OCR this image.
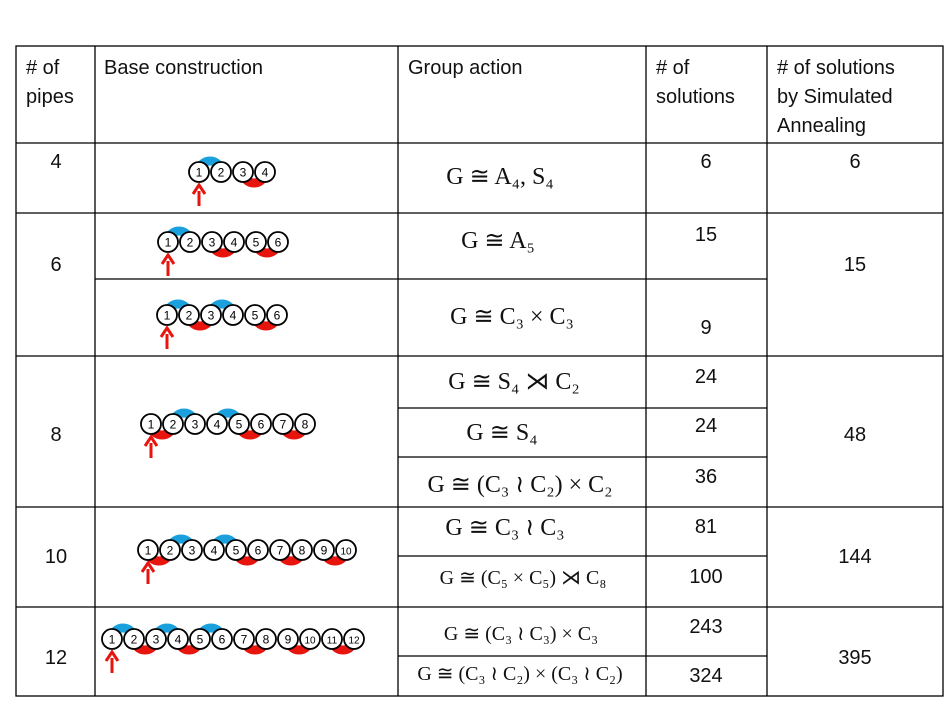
# of
pipes
Base construction	Group action	# of
solutions
# of solutions
by Simulated
Annealing
4
6
8
10
12
G ≅ A₄, S₄
G ≅ A₅
G ≅ C₃ × C₃
G ≅ S₄ ⋊ C₂
G ≅ S₄
G ≅ (C₃ ≀ C₂) × C₂
G ≅ C₃ ≀ C₃
G ≅ (C₅ × C₅) ⋊ C₈
G ≅ (C₃ ≀ C₃) × C₃
G ≅ (C₃ ≀ C₂) × (C₃ ≀ C₂)
6
15
9
24
24
36
81
100
243
324
6
15
48
144
395
1 2 3 4
1 2 3 4 5 6
1 2 3 4 5 6
1 2 3 4 5 6 7 8
1 2 3 4 5 6 7 8 9 10
1 2 3 4 5 6 7 8 9 10 11 12
